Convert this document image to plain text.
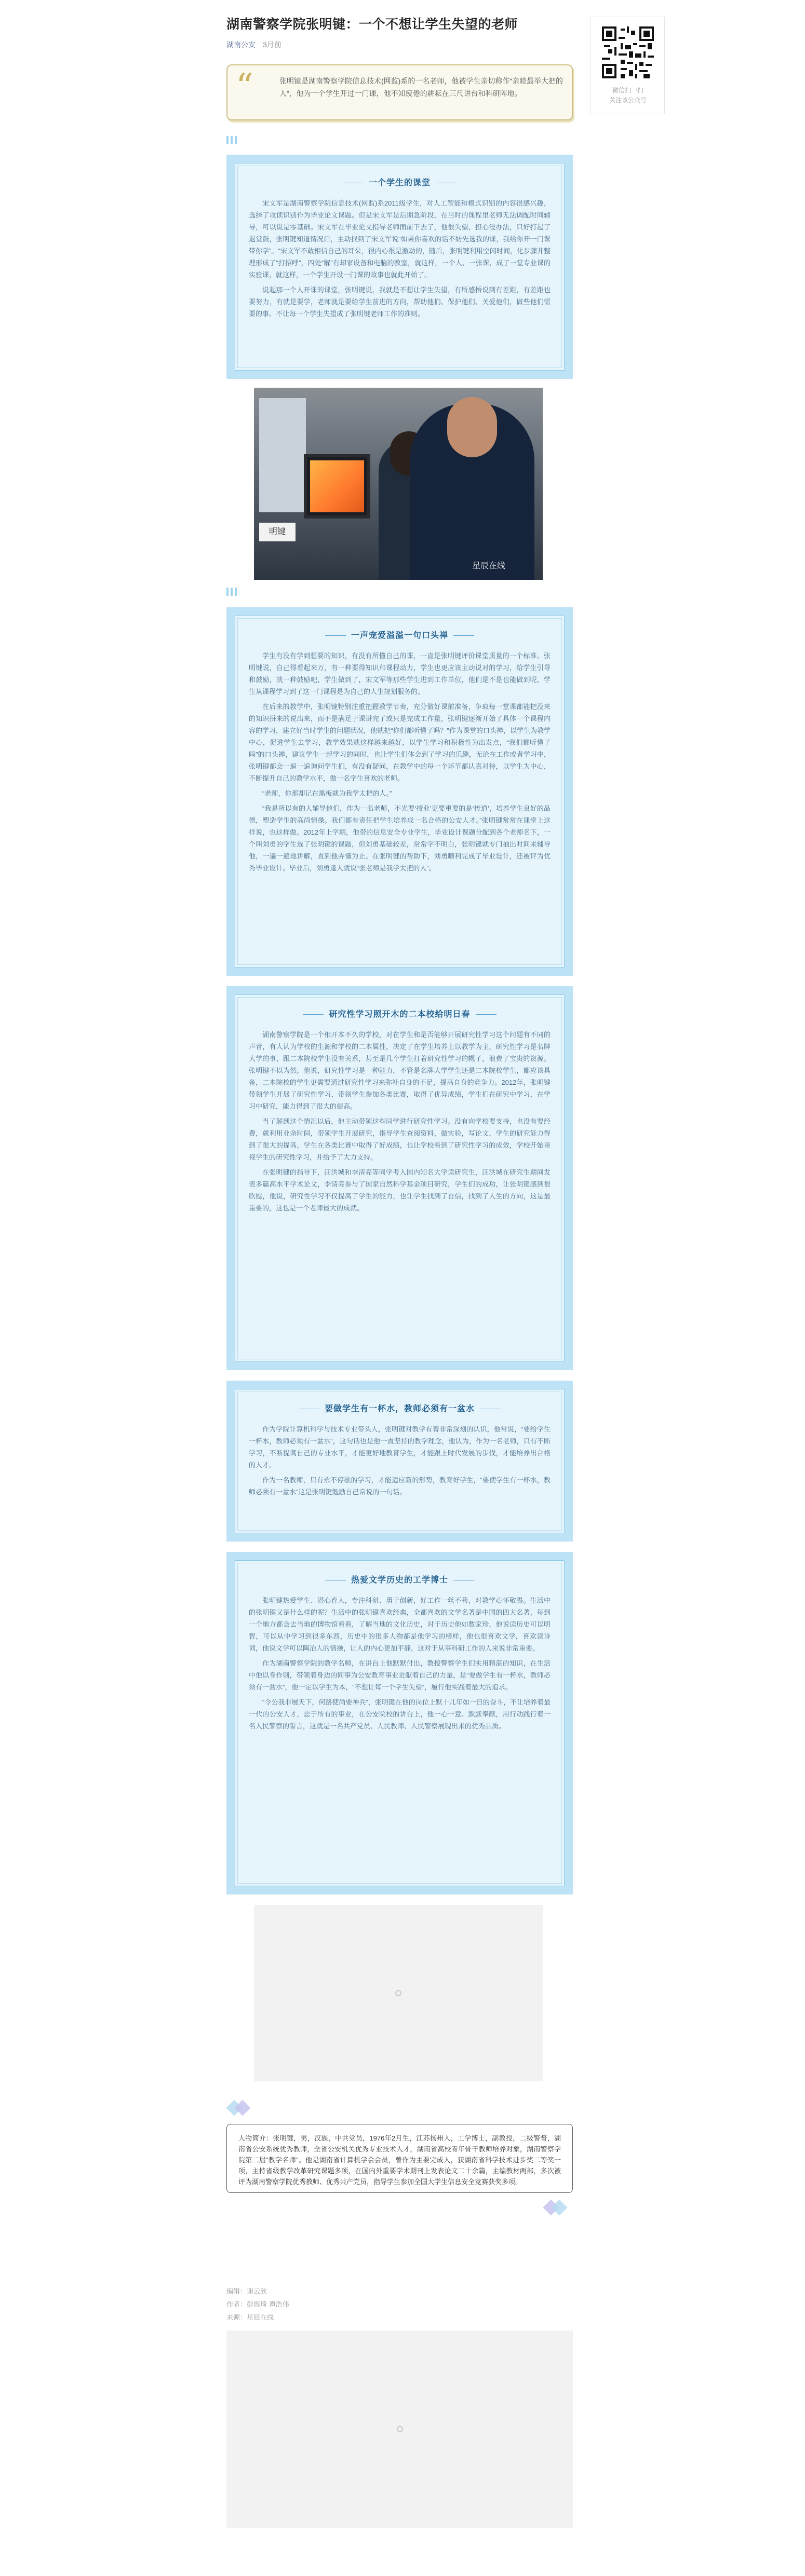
湖南警察学院张明键：一个不想让学生失望的老师
湖南公安 3月前
微信扫一扫
关注该公众号
“	张明键是湖南警察学院信息技术(网监)系的一名老师，他被学生亲切称作“亲睦最举大把的人”，他为一个学生开过一门课，他不知疲倦的耕耘在三尺讲台和科研阵地。

一个学生的课堂

宋文军是湖南警察学院信息技术(网监)系2011级学生，对人工智能和模式识别的内容很感兴趣，选择了攻读识别作为毕业论文课题。但是宋文军是后期急阶段，在当时的课程里老师无法调配时间辅导，可以说是零基础。宋文军在毕业论文指导老师面前下去了，他很失望，担心没办法，只好打起了退堂鼓，张明键知道情况后，主动找到了宋文军说“如果你喜欢的话不妨先选我的课，我给你开一门课带你学”。“宋文军不敢相信自己的耳朵，很内心很是激动的，随后，张明键利用空闲时间，化步骤并整理形成了“打招呼”，四处“解”有却家设备和电脑的教室，就这样，一个人、一张课，成了一堂专业课的实验课，就这样，一个学生开设一门课的故事也就此开始了。

说起那一个人开课的课堂，张明键说，我就是不想让学生失望，有所感悟说到有差距，有差距也要努力，有就是要学，老师就是要给学生前进的方向，帮助他们、保护他们、关爱他们，做些他们需要的事。不让每一个学生失望成了张明键老师工作的准则。

明键
星辰在线
一声宠爱溢溢一句口头禅

学生有没有学到想要的知识，有没有所懂自己的课，一直是张明键评价课堂质量的一个标准。张明键说，自己得看起来万，有一种要得知识和课程动力，学生也更应该主动说对的学习，给学生引导和鼓励，就一种鼓励吧，学生做到了，宋文军等那些学生进到工作单位，他们是不是也能做到呢，学生从课程学习到了这一门课程是为自己的人生规划服务的。

在后来的教学中，张明键特别注重把握教学节奏，充分做好课前准备，争取每一堂课都能把没来的知识拼来的说出来，而不是满足于课讲完了或只是完成工作量，张明键逐渐开始了具体一个课程内容的学习，建立好当时学生的问题状况，他就把“你们都听懂了吗？”作为课堂的口头禅，以学生为教学中心，促进学生去学习，教学效果就这样越来越好，以学生学习和积极性为出发点，“我们都听懂了吗”的口头禅，建议学生一起学习的同时，也让学生们体会到了学习的乐趣，无论在工作或者学习中，张明键都会一遍一遍询问学生们，有没有疑问，在教学中的每一个环节都认真对待，以学生为中心，不断提升自己的教学水平，做一名学生喜欢的老师。

“老师，你那却记在黑板就为我学太把的人。”

“我是所以有的人辅导他们，作为一名老师，不光要‘授业’更要重要的是‘传道’，培养学生良好的品德，塑造学生的高尚情操。我们都有责任把学生培养成一名合格的公安人才。”张明键常常在课堂上这样说，也这样做。2012年上学期，他带的信息安全专业学生，毕业设计课题分配到各个老师名下，一个叫刘勇的学生选了张明键的课题，但刘勇基础较差，常常学不明白，张明键就专门抽出时间来辅导他，一遍一遍地讲解，直到他弄懂为止。在张明键的帮助下，刘勇顺利完成了毕业设计，还被评为优秀毕业设计。毕业后，刘勇逢人就说“张老师是我学太把的人”。

研究性学习照开木的二本校给明日春

湖南警察学院是一个相开本不久的学校，对在学生和是否能够开展研究性学习这个问题有不同的声音，有人认为学校的生源和学校的二本属性，决定了在学生培养上以教学为主，研究性学习是名牌大学的事，跟二本院校学生没有关系，甚至是几个学生打着研究性学习的幌子，浪费了宝贵的资源。张明键不以为然，他说，研究性学习是一种能力，不管是名牌大学学生还是二本院校学生，都应该具备，二本院校的学生更需要通过研究性学习来弥补自身的不足，提高自身的竞争力。2012年，张明键带领学生开展了研究性学习，带领学生参加各类比赛，取得了优异成绩，学生们在研究中学习，在学习中研究，能力得到了很大的提高。

当了解到这个情况以后，他主动带领这些同学进行研究性学习。没有向学校要支持，也没有要经费，就利用业余时间，带领学生开展研究，指导学生查阅资料，做实验，写论文，学生的研究能力得到了很大的提高，学生在各类比赛中取得了好成绩，也让学校看到了研究性学习的成效，学校开始重视学生的研究性学习，并给予了大力支持。

在张明键的指导下，汪洪城和李清亮等同学考入国内知名大学读研究生，汪洪城在研究生期间发表多篇高水平学术论文，李清亮参与了国家自然科学基金项目研究，学生们的成功，让张明键感到很欣慰，他说，研究性学习不仅提高了学生的能力，也让学生找到了自信，找到了人生的方向，这是最重要的，这也是一个老师最大的成就。

要做学生有一杯水，教师必须有一盆水

作为学院计算机科学与技术专业带头人，张明键对教学有着非常深刻的认识，他常说，“要给学生一杯水，教师必须有一盆水”，这句话也是他一直坚持的教学理念，他认为，作为一名老师，只有不断学习，不断提高自己的专业水平，才能更好地教育学生，才能跟上时代发展的步伐，才能培养出合格的人才。

作为一名教师，只有永不停歇的学习，才能适应新的形势，教育好学生，“要使学生有一杯水，教师必须有一盆水”这是张明键勉励自己常说的一句话。

热爱文学历史的工学博士

张明键热爱学生、潜心育人，专注科研、勇于创新，好工作一丝不苟，对教学心怀敬畏。生活中的张明键又是什么样的呢？生活中的张明键喜欢经典，全都喜欢的文学名著是中国的四大名著，每到一个地方都会去当地的博物馆看看，了解当地的文化历史，对于历史他如数家珍，他说读历史可以明智，可以从中学习到很多东西，历史中的很多人物都是他学习的榜样，他也很喜欢文学，喜欢读诗词，他说文学可以陶冶人的情操，让人的内心更加平静，这对于从事科研工作的人来说非常重要。

作为湖南警察学院的教学名师，在讲台上他默默付出，教授警察学生们实用精湛的知识，在生活中他以身作则，带领着身边的同事为公安教育事业贡献着自己的力量，是“要做学生有一杯水，教师必须有一盆水”，他一定以学生为本，“不想让每一个学生失望”，履行他实践着最大的追求。

“令公我非展天下，何路使尚要神兵”，张明键在他的岗位上默十几年如一日的奋斗，不让培养着最一代的公安人才，忠于所有的事业，在公安院校的讲台上，他一心一意、默默奉献，用行动践行着一名人民警察的誓言，这就是一名共产党员、人民教师、人民警察展现出来的优秀品质。

人物简介：张明键，男，汉族，中共党员，1976年2月生，江苏扬州人，工学博士，副教授，二级警督，湖南省公安系统优秀教师，全省公安机关优秀专业技术人才，湖南省高校青年骨干教师培养对象，湖南警察学院第二届“教学名师”。他是湖南省计算机学会会员，曾作为主要完成人，获湖南省科学技术进步奖二等奖一项，主持省级教学改革研究课题多项，在国内外重要学术期刊上发表论文二十余篇，主编教材两部，多次被评为湖南警察学院优秀教师、优秀共产党员，指导学生参加全国大学生信息安全竞赛获奖多项。

编辑：谢云欣
作者：彭煜琦 谭浩伟
来源：星辰在线
